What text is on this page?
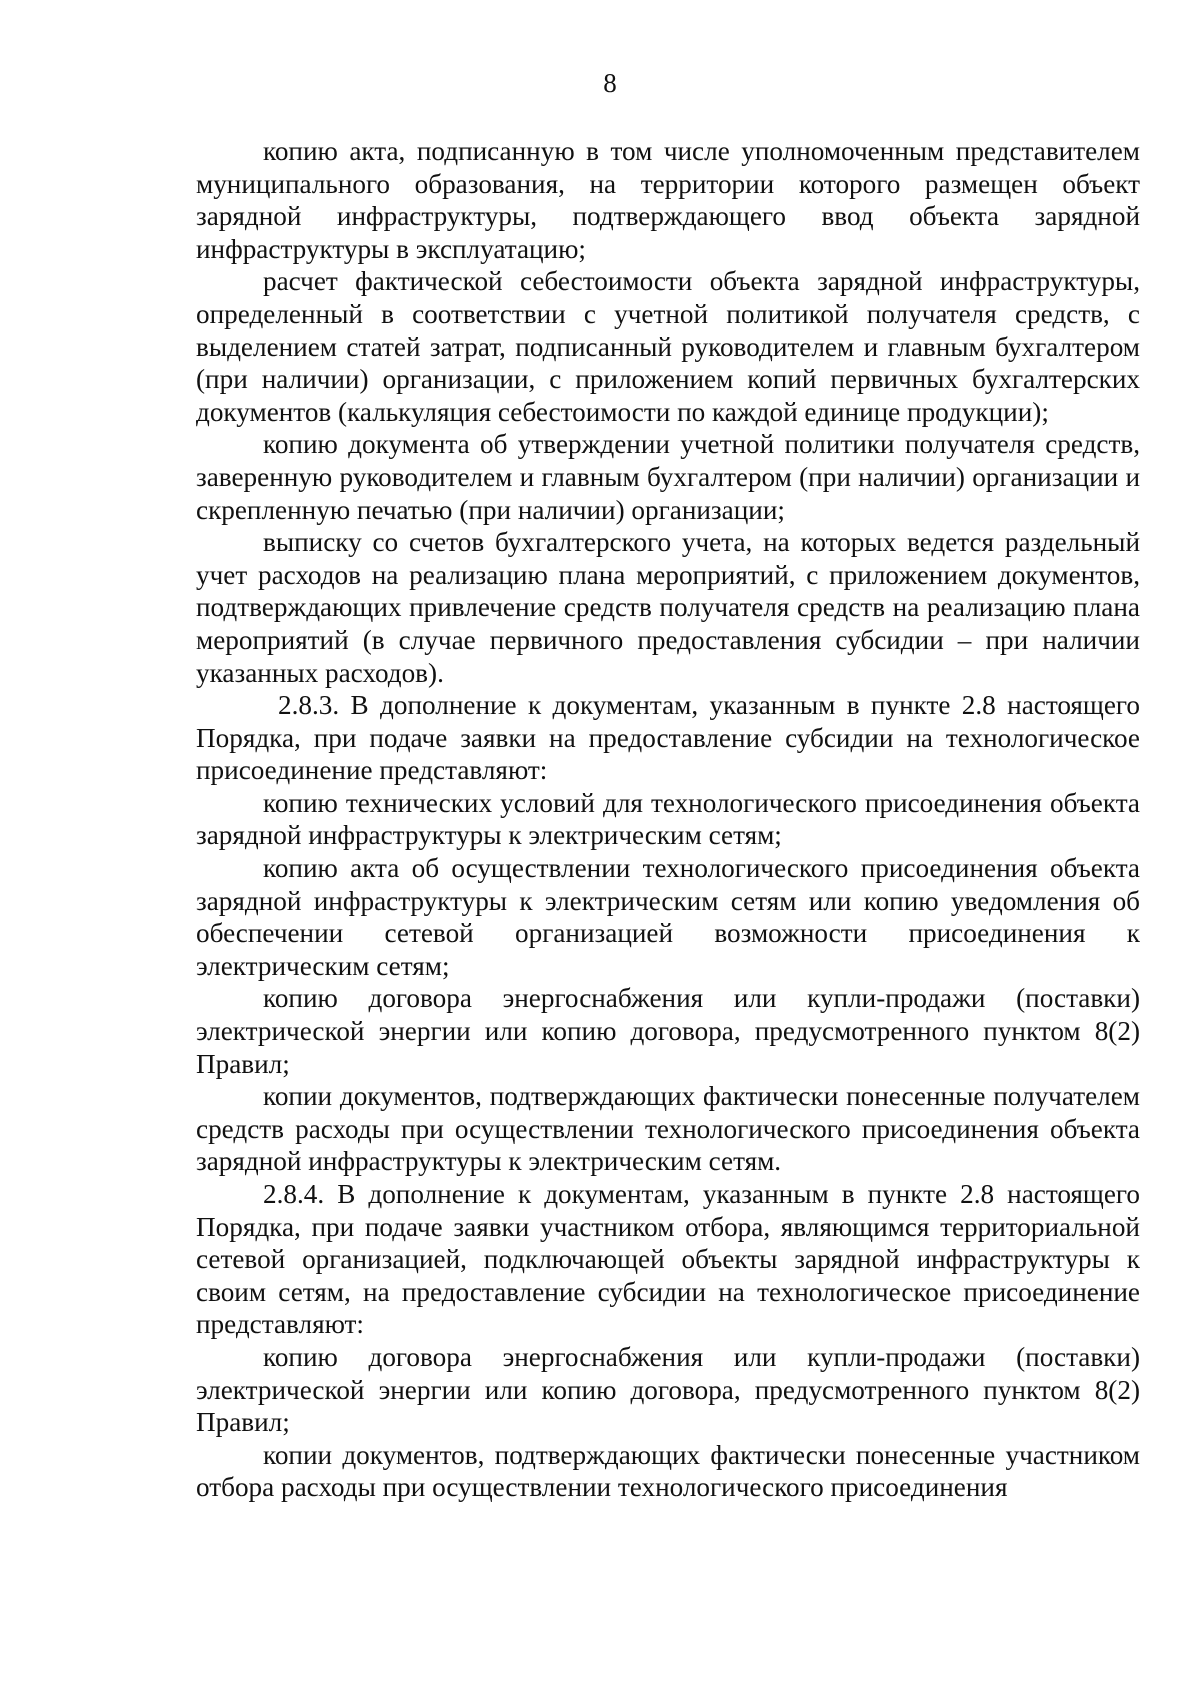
8

копию акта, подписанную в том числе уполномоченным представителем муниципального образования, на территории которого размещен объект зарядной инфраструктуры, подтверждающего ввод объекта зарядной инфраструктуры в эксплуатацию;

расчет фактической себестоимости объекта зарядной инфраструктуры, определенный в соответствии с учетной политикой получателя средств, с выделением статей затрат, подписанный руководителем и главным бухгалтером (при наличии) организации, с приложением копий первичных бухгалтерских документов (калькуляция себестоимости по каждой единице продукции);

копию документа об утверждении учетной политики получателя средств, заверенную руководителем и главным бухгалтером (при наличии) организации и скрепленную печатью (при наличии) организации;

выписку со счетов бухгалтерского учета, на которых ведется раздельный учет расходов на реализацию плана мероприятий, с приложением документов, подтверждающих привлечение средств получателя средств на реализацию плана мероприятий (в случае первичного предоставления субсидии – при наличии указанных расходов).

2.8.3. В дополнение к документам, указанным в пункте 2.8 настоящего Порядка, при подаче заявки на предоставление субсидии на технологическое присоединение представляют:

копию технических условий для технологического присоединения объекта зарядной инфраструктуры к электрическим сетям;

копию акта об осуществлении технологического присоединения объекта зарядной инфраструктуры к электрическим сетям или копию уведомления об обеспечении сетевой организацией возможности присоединения к электрическим сетям;

копию договора энергоснабжения или купли-продажи (поставки) электрической энергии или копию договора, предусмотренного пунктом 8(2) Правил;

копии документов, подтверждающих фактически понесенные получателем средств расходы при осуществлении технологического присоединения объекта зарядной инфраструктуры к электрическим сетям.

2.8.4. В дополнение к документам, указанным в пункте 2.8 настоящего Порядка, при подаче заявки участником отбора, являющимся территориальной сетевой организацией, подключающей объекты зарядной инфраструктуры к своим сетям, на предоставление субсидии на технологическое присоединение представляют:

копию договора энергоснабжения или купли-продажи (поставки) электрической энергии или копию договора, предусмотренного пунктом 8(2) Правил;

копии документов, подтверждающих фактически понесенные участником отбора расходы при осуществлении технологического присоединения
